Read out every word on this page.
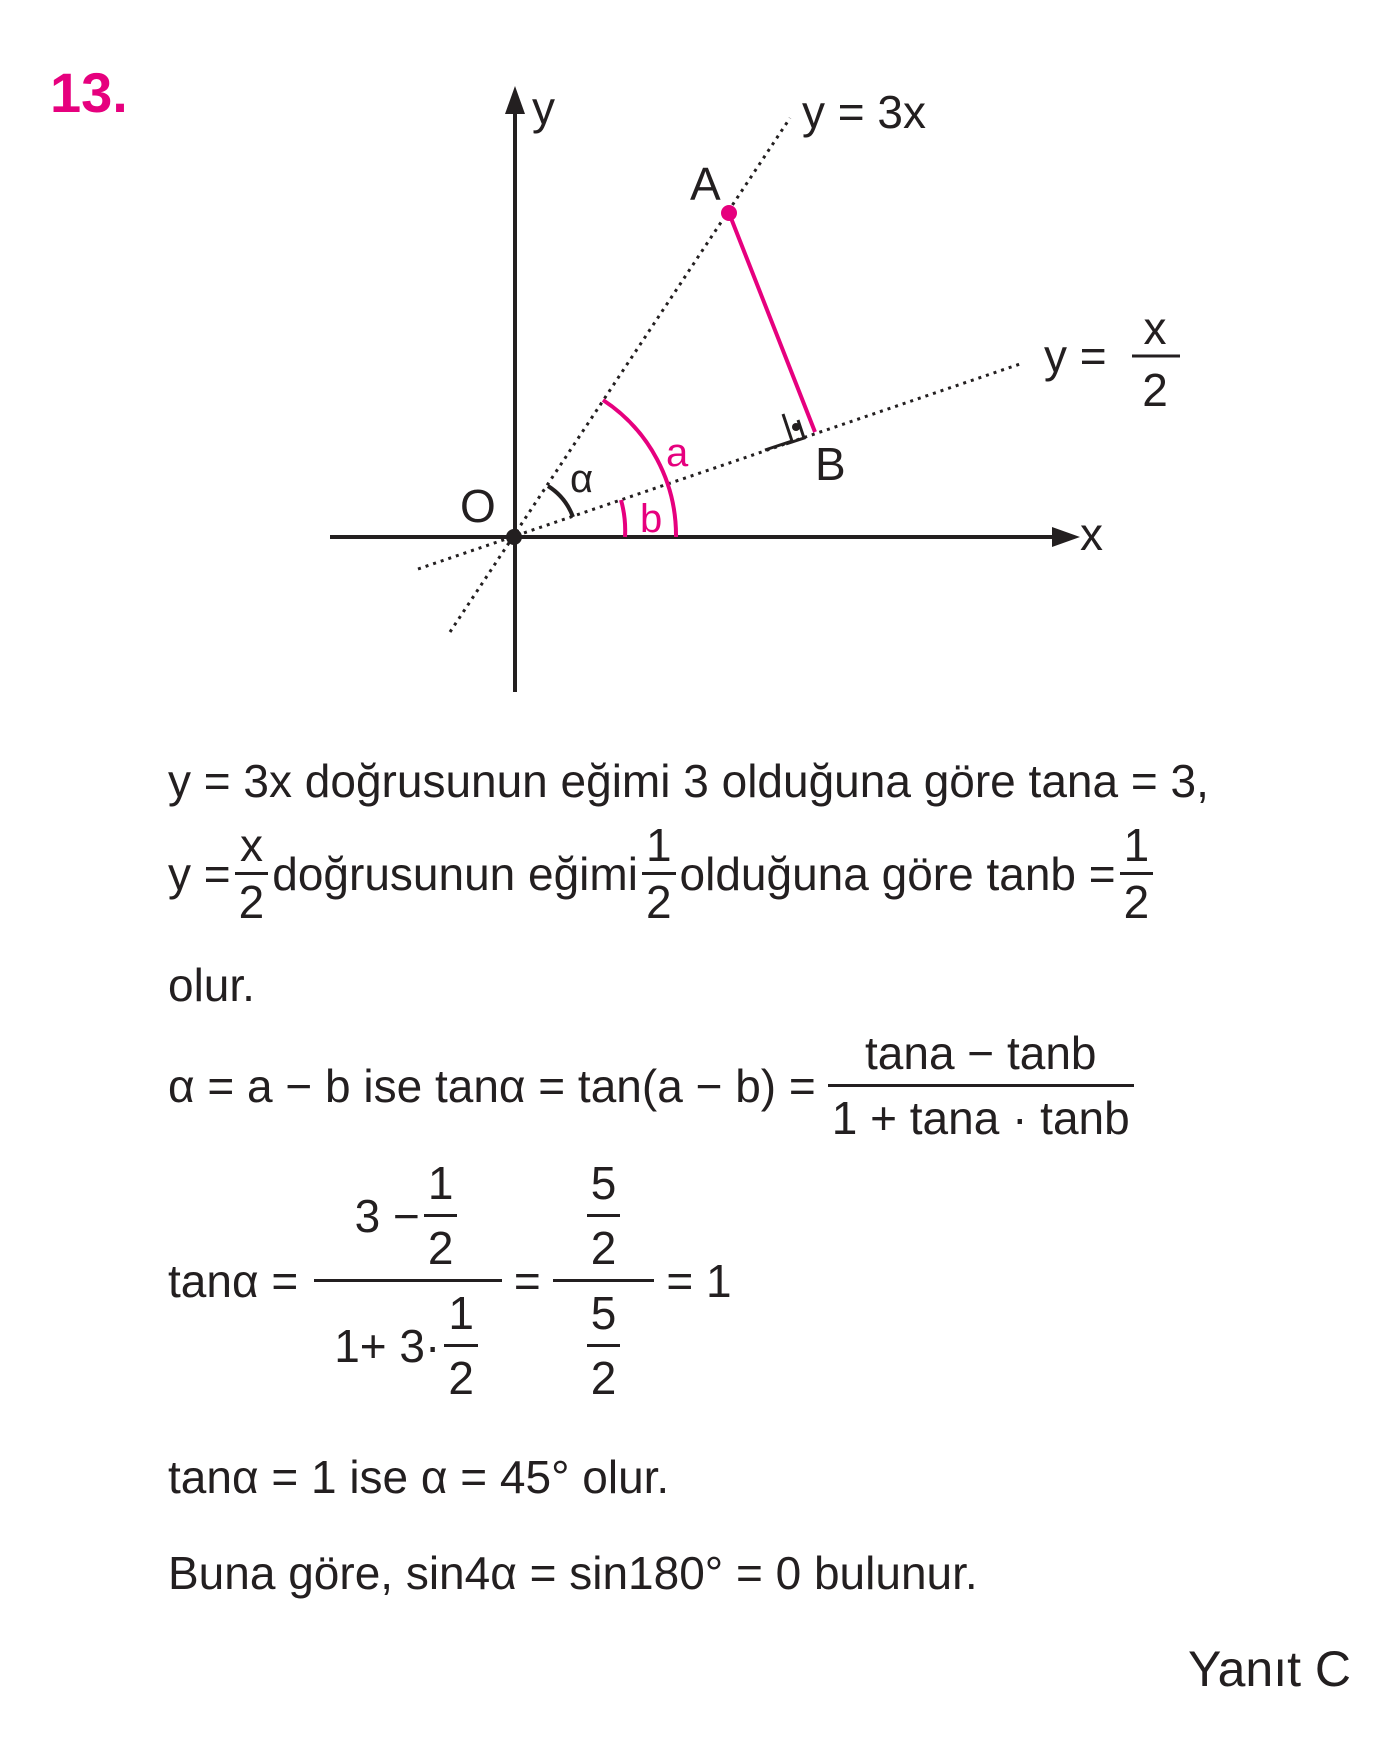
13.	y
x
y = 3x
y =
x
2
A
B
O
α
a
b
y = 3x doğrusunun eğimi 3 olduğuna göre tana = 3,
$y = \frac{x}{2}$ doğrusunun eğimi $\frac{1}{2}$ olduğuna göre $\tan b = \frac{1}{2}$
olur.
α = a − b ise $\tan\alpha = \tan(a - b) = \frac{\tan a - \tan b}{1 + \tan a \cdot \tan b}$
$\tan\alpha = \frac{3 - \frac{1}{2}}{1+ 3\cdot \frac{1}{2}} = \frac{\frac{5}{2}}{\frac{5}{2}} = 1$
tanα = 1 ise α = 45° olur.
Buna göre, sin4α = sin180° = 0 bulunur.
Yanıt C
